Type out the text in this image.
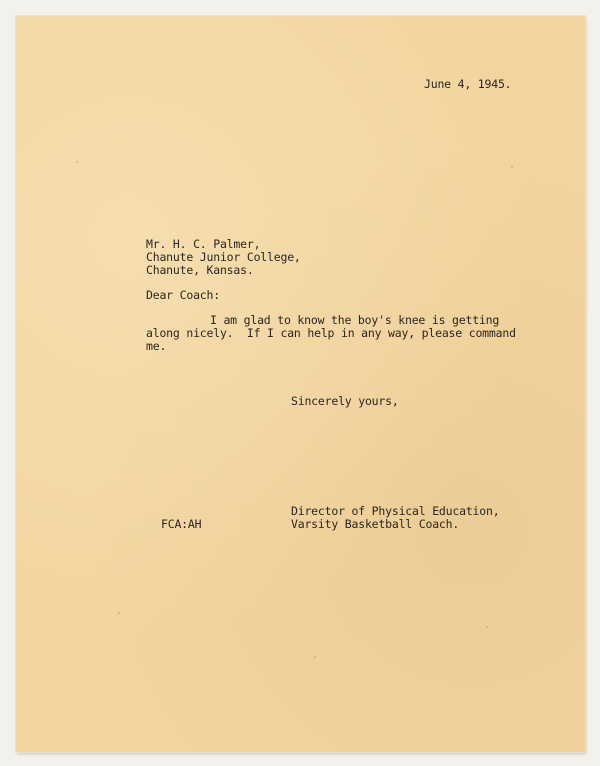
June 4, 1945.
Mr. H. C. Palmer,
Chanute Junior College,
Chanute, Kansas.
Dear Coach:
I am glad to know the boy's knee is getting
along nicely.  If I can help in any way, please command
me.
Sincerely yours,
Director of Physical Education,
Varsity Basketball Coach.
FCA:AH
